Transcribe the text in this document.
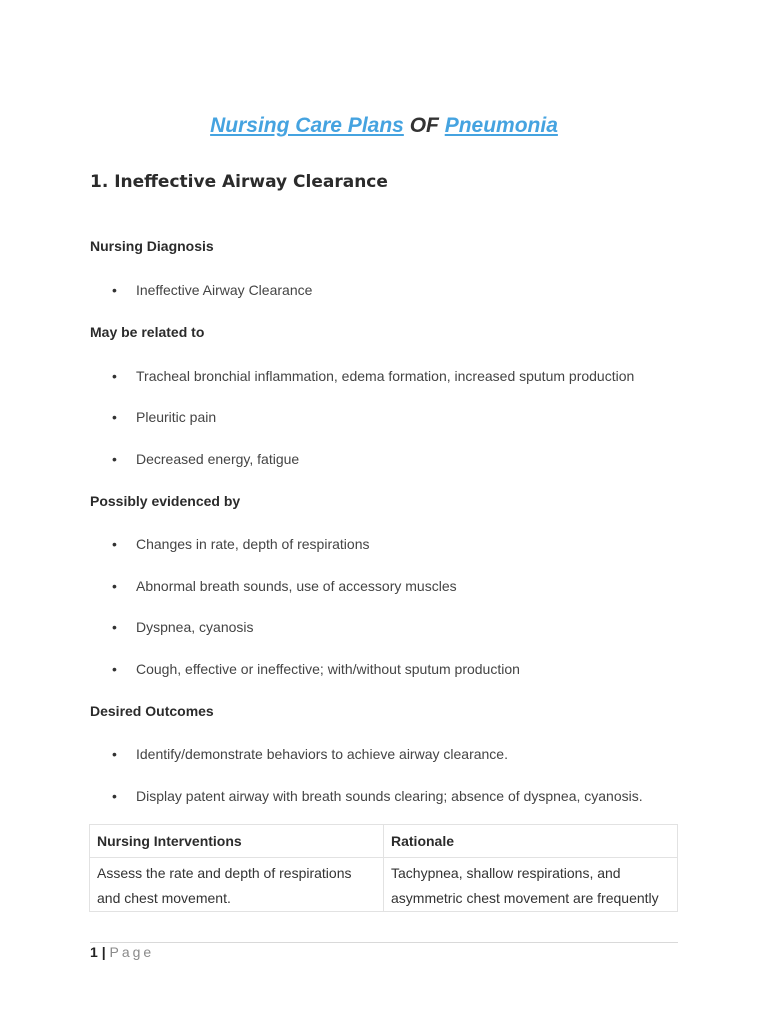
Nursing Care Plans OF Pneumonia
1. Ineffective Airway Clearance

Nursing Diagnosis

• Ineffective Airway Clearance

May be related to

• Tracheal bronchial inflammation, edema formation, increased sputum production
• Pleuritic pain
• Decreased energy, fatigue

Possibly evidenced by

• Changes in rate, depth of respirations
• Abnormal breath sounds, use of accessory muscles
• Dyspnea, cyanosis
• Cough, effective or ineffective; with/without sputum production

Desired Outcomes

• Identify/demonstrate behaviors to achieve airway clearance.
• Display patent airway with breath sounds clearing; absence of dyspnea, cyanosis.
Nursing Interventions	Rationale
Assess the rate and depth of respirations and chest movement.	Tachypnea, shallow respirations, and asymmetric chest movement are frequently
1 | Page
